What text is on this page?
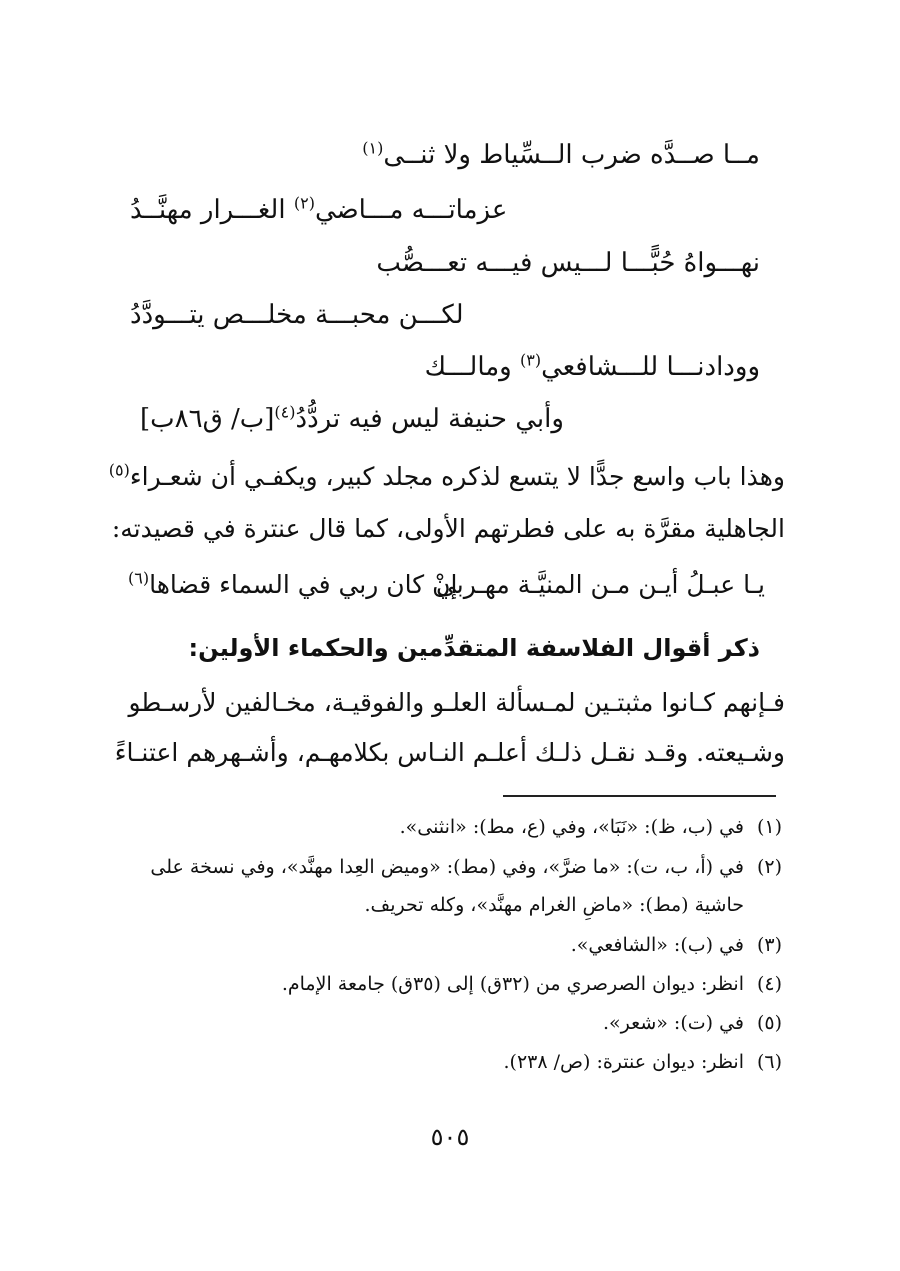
مــا صــدَّه ضرب الــسِّياط ولا ثنــى$^{(١)}$
عزماتـــه مـــاضي$^{(٢)}$ الغـــرار مهنَّــدُ
نهـــواهُ حُبًّـــا لـــيس فيـــه تعـــصُّب
لكـــن محبـــة مخلـــص يتـــودَّدُ
وودادنـــا للـــشافعي$^{(٣)}$ ومالـــك
وأبي حنيفة ليس فيه تردُّدُ$^{(٤)}$[ب/ ق٨٦ب]
وهذا باب واسع جدًّا لا يتسع لذكره مجلد كبير، ويكفـي أن شعـراء$^{(٥)}$
الجاهلية مقرَّة به على فطرتهم الأولى، كما قال عنترة في قصيدته:
يـا عبـلُ أيـن مـن المنيَّـة مهـربي
إنْ كان ربي في السماء قضاها$^{(٦)}$
ذكر أقوال الفلاسفة المتقدِّمين والحكماء الأولين:
فـإنهم كـانوا مثبتـين لمـسألة العلـو والفوقيـة، مخـالفين لأرسـطو
وشـيعته. وقـد نقـل ذلـك أعلـم النـاس بكلامهـم، وأشـهرهم اعتنـاءً
(١)في (ب، ظ): «نَبَا»، وفي (ع، مط): «انثنى».
(٢)في (أ، ب، ت): «ما ضرَّ»، وفي (مط): «وميض العِدا مهنَّد»، وفي نسخة على
حاشية (مط): «ماضِ الغرام مهنَّد»، وكله تحريف.
(٣)في (ب): «الشافعي».
(٤)انظر: ديوان الصرصري من (٣٢ق) إلى (٣٥ق) جامعة الإمام.
(٥)في (ت): «شعر».
(٦)انظر: ديوان عنترة: (ص/ ٢٣٨).
٥٠٥
